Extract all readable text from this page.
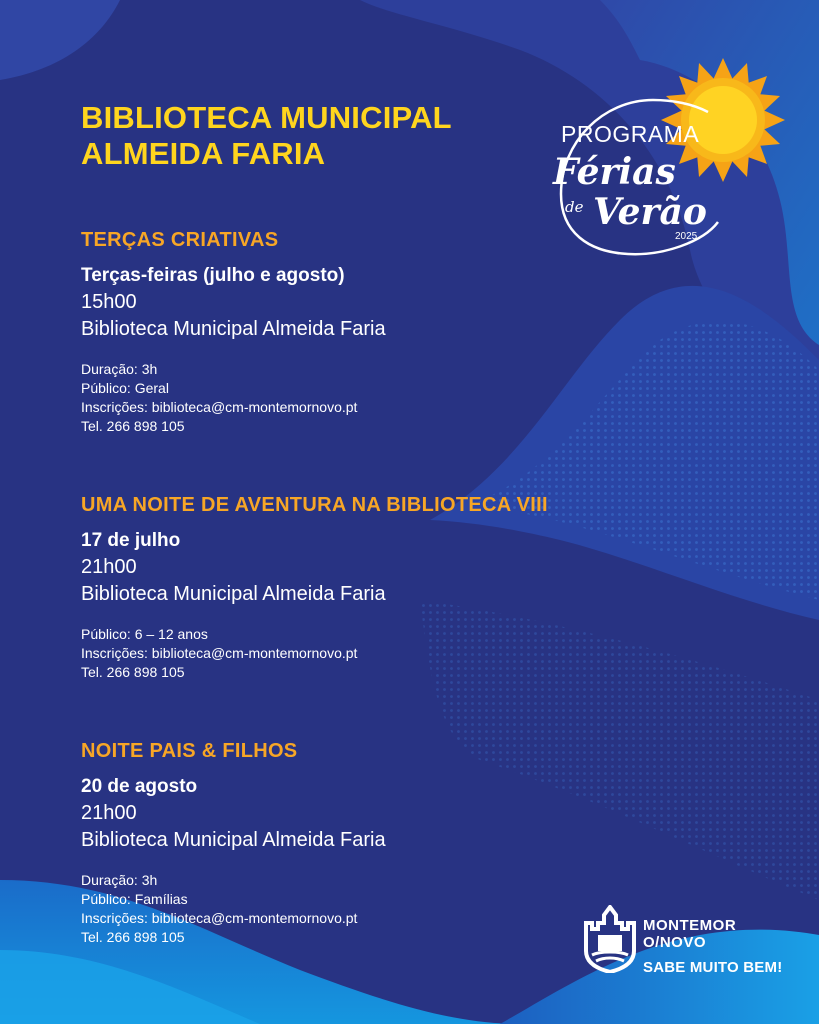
BIBLIOTECA MUNICIPAL
ALMEIDA FARIA
PROGRAMA
Férias
de Verão
2025
TERÇAS CRIATIVAS
Terças-feiras (julho e agosto)
15h00
Biblioteca Municipal Almeida Faria
Duração: 3h
Público: Geral
Inscrições: biblioteca@cm-montemornovo.pt
Tel. 266 898 105
UMA NOITE DE AVENTURA NA BIBLIOTECA VIII
17 de julho
21h00
Biblioteca Municipal Almeida Faria
Público: 6 – 12 anos
Inscrições: biblioteca@cm-montemornovo.pt
Tel. 266 898 105
NOITE PAIS & FILHOS
20 de agosto
21h00
Biblioteca Municipal Almeida Faria
Duração: 3h
Público: Famílias
Inscrições: biblioteca@cm-montemornovo.pt
Tel. 266 898 105
MONTEMOR
O/NOVO
SABE MUITO BEM!
